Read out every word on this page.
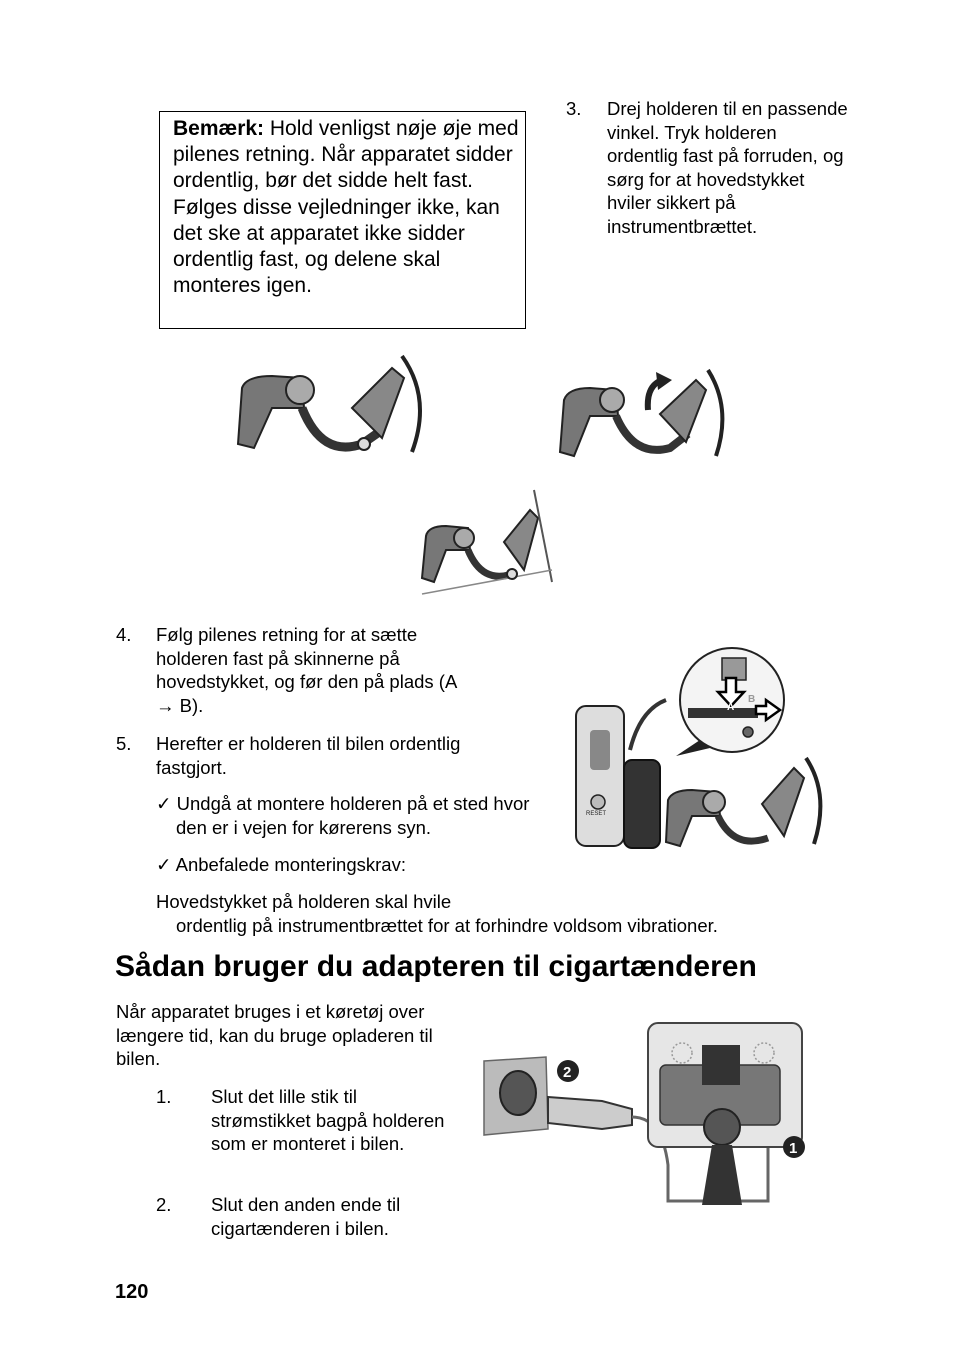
Bemærk: Hold venligst nøje øje med pilenes retning. Når apparatet sidder ordentlig, bør det sidde helt fast. Følges disse vejledninger ikke, kan det ske at apparatet ikke sidder ordentlig fast, og delene skal monteres igen.
3. Drej holderen til en passende vinkel. Tryk holderen ordentlig fast på forruden, og sørg for at hovedstykket hviler sikkert på instrumentbrættet.
4. Følg pilenes retning for at sætte holderen fast på skinnerne på hovedstykket, og før den på plads (A → B).
5. Herefter er holderen til bilen ordentlig fastgjort.
✓ Undgå at montere holderen på et sted hvor den er i vejen for kørerens syn.
✓ Anbefalede monteringskrav:
Hovedstykket på holderen skal hvile
ordentlig på instrumentbrættet for at forhindre voldsom vibrationer.
A
B
RESET
Sådan bruger du adapteren til cigartænderen
Når apparatet bruges i et køretøj over længere tid, kan du bruge opladeren til bilen.
1. Slut det lille stik til strømstikket bagpå holderen som er monteret i bilen.
2. Slut den anden ende til cigartænderen i bilen.
2
1
120
